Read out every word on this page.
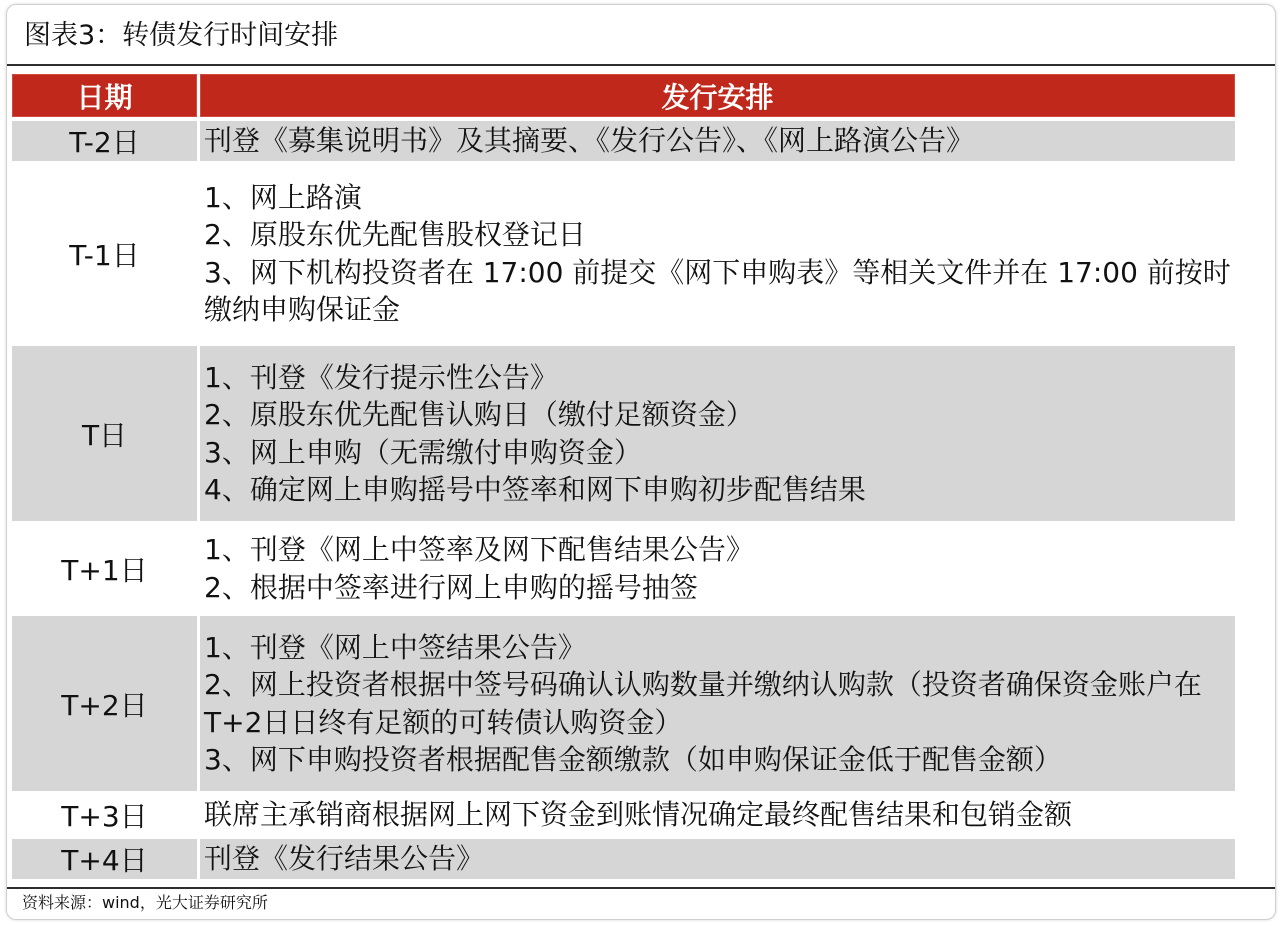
图表3：转债发行时间安排
日期	发行安排
T-2日	刊登《募集说明书》及其摘要、《发行公告》、《网上路演公告》

T-1日	1、网上路演
2、原股东优先配售股权登记日
3、网下机构投资者在 17:00 前提交《网下申购表》等相关文件并在 17:00 前按时缴纳申购保证金

T日	1、刊登《发行提示性公告》
2、原股东优先配售认购日（缴付足额资金）
3、网上申购（无需缴付申购资金）
4、确定网上申购摇号中签率和网下申购初步配售结果

T+1日	1、刊登《网上中签率及网下配售结果公告》
2、根据中签率进行网上申购的摇号抽签

T+2日	1、刊登《网上中签结果公告》
2、网上投资者根据中签号码确认认购数量并缴纳认购款（投资者确保资金账户在T+2日日终有足额的可转债认购资金）
3、网下申购投资者根据配售金额缴款（如申购保证金低于配售金额）

T+3日	联席主承销商根据网上网下资金到账情况确定最终配售结果和包销金额

T+4日	刊登《发行结果公告》
资料来源：wind，光大证券研究所
